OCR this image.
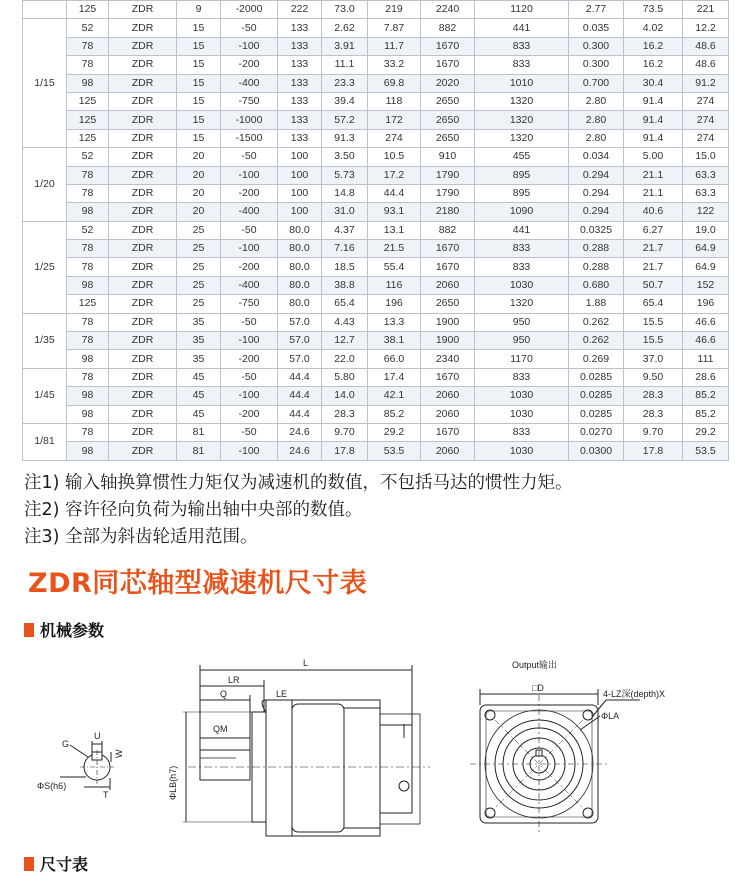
	125	ZDR	9	-2000	222	73.0	219	2240	1120	2.77	73.5	221
1/15	52	ZDR	15	-50	133	2.62	7.87	882	441	0.035	4.02	12.2
	78	ZDR	15	-100	133	3.91	11.7	1670	833	0.300	16.2	48.6
	78	ZDR	15	-200	133	11.1	33.2	1670	833	0.300	16.2	48.6
	98	ZDR	15	-400	133	23.3	69.8	2020	1010	0.700	30.4	91.2
	125	ZDR	15	-750	133	39.4	118	2650	1320	2.80	91.4	274
	125	ZDR	15	-1000	133	57.2	172	2650	1320	2.80	91.4	274
	125	ZDR	15	-1500	133	91.3	274	2650	1320	2.80	91.4	274
1/20	52	ZDR	20	-50	100	3.50	10.5	910	455	0.034	5.00	15.0
	78	ZDR	20	-100	100	5.73	17.2	1790	895	0.294	21.1	63.3
	78	ZDR	20	-200	100	14.8	44.4	1790	895	0.294	21.1	63.3
	98	ZDR	20	-400	100	31.0	93.1	2180	1090	0.294	40.6	122
1/25	52	ZDR	25	-50	80.0	4.37	13.1	882	441	0.0325	6.27	19.0
	78	ZDR	25	-100	80.0	7.16	21.5	1670	833	0.288	21.7	64.9
	78	ZDR	25	-200	80.0	18.5	55.4	1670	833	0.288	21.7	64.9
	98	ZDR	25	-400	80.0	38.8	116	2060	1030	0.680	50.7	152
	125	ZDR	25	-750	80.0	65.4	196	2650	1320	1.88	65.4	196
1/35	78	ZDR	35	-50	57.0	4.43	13.3	1900	950	0.262	15.5	46.6
	78	ZDR	35	-100	57.0	12.7	38.1	1900	950	0.262	15.5	46.6
	98	ZDR	35	-200	57.0	22.0	66.0	2340	1170	0.269	37.0	111
1/45	78	ZDR	45	-50	44.4	5.80	17.4	1670	833	0.0285	9.50	28.6
	98	ZDR	45	-100	44.4	14.0	42.1	2060	1030	0.0285	28.3	85.2
	98	ZDR	45	-200	44.4	28.3	85.2	2060	1030	0.0285	28.3	85.2
1/81	78	ZDR	81	-50	24.6	9.70	29.2	1670	833	0.0270	9.70	29.2
	98	ZDR	81	-100	24.6	17.8	53.5	2060	1030	0.0300	17.8	53.5
注1) 输入轴换算惯性力矩仅为减速机的数值，不包括马达的惯性力矩。
注2) 容许径向负荷为输出轴中央部的数值。
注3) 全部为斜齿轮适用范围。
ZDR同芯轴型减速机尺寸表
机械参数
G
U
W
T
ΦS(h6)
L
LR
Q	LE
QM
ΦLB(h7)
Output输出
□D
4-LZ深(depth)X
ΦLA
尺寸表
